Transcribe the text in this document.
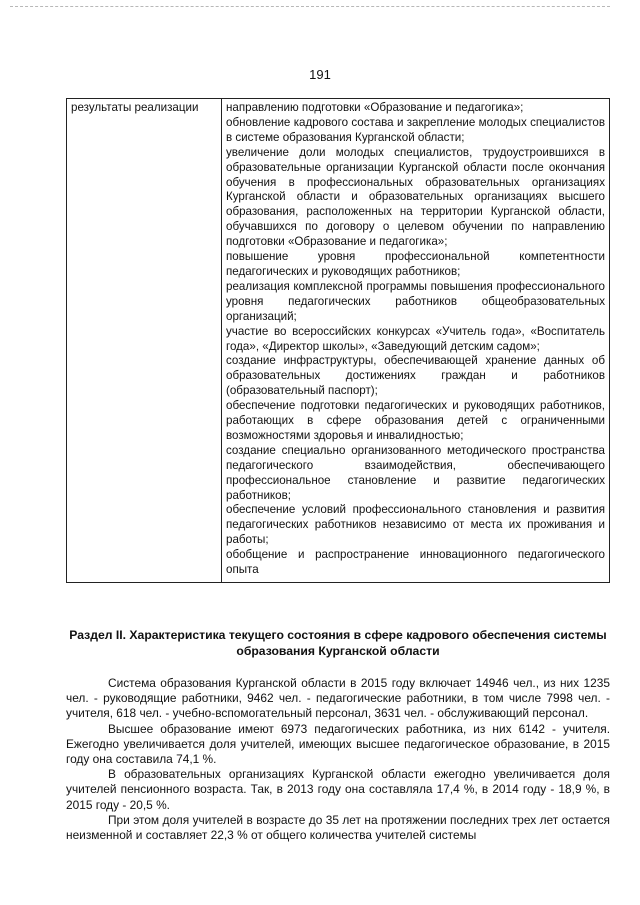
191
результаты реализации	направлению подготовки «Образование и педагогика»;
обновление кадрового состава и закрепление молодых специалистов в системе образования Курганской области;
увеличение доли молодых специалистов, трудоустроившихся в образовательные организации Курганской области после окончания обучения в профессиональных образовательных организациях Курганской области и образовательных организациях высшего образования, расположенных на территории Курганской области, обучавшихся по договору о целевом обучении по направлению подготовки «Образование и педагогика»;
повышение уровня профессиональной компетентности педагогических и руководящих работников;
реализация комплексной программы повышения профессионального уровня педагогических работников общеобразовательных организаций;
участие во всероссийских конкурсах «Учитель года», «Воспитатель года», «Директор школы», «Заведующий детским садом»;
создание инфраструктуры, обеспечивающей хранение данных об образовательных достижениях граждан и работников (образовательный паспорт);
обеспечение подготовки педагогических и руководящих работников, работающих в сфере образования детей с ограниченными возможностями здоровья и инвалидностью;
создание специально организованного методического пространства педагогического взаимодействия, обеспечивающего профессиональное становление и развитие педагогических работников;
обеспечение условий профессионального становления и развития педагогических работников независимо от места их проживания и работы;
обобщение и распространение инновационного педагогического опыта
Раздел II. Характеристика текущего состояния в сфере кадрового обеспечения системы образования Курганской области

Система образования Курганской области в 2015 году включает 14946 чел., из них 1235 чел. - руководящие работники, 9462 чел. - педагогические работники, в том числе 7998 чел. - учителя, 618 чел. - учебно-вспомогательный персонал, 3631 чел. - обслуживающий персонал.

Высшее образование имеют 6973 педагогических работника, из них 6142 - учителя. Ежегодно увеличивается доля учителей, имеющих высшее педагогическое образование, в 2015 году она составила 74,1 %.

В образовательных организациях Курганской области ежегодно увеличивается доля учителей пенсионного возраста. Так, в 2013 году она составляла 17,4 %, в 2014 году - 18,9 %, в 2015 году - 20,5 %.

При этом доля учителей в возрасте до 35 лет на протяжении последних трех лет остается неизменной и составляет 22,3 % от общего количества учителей системы
